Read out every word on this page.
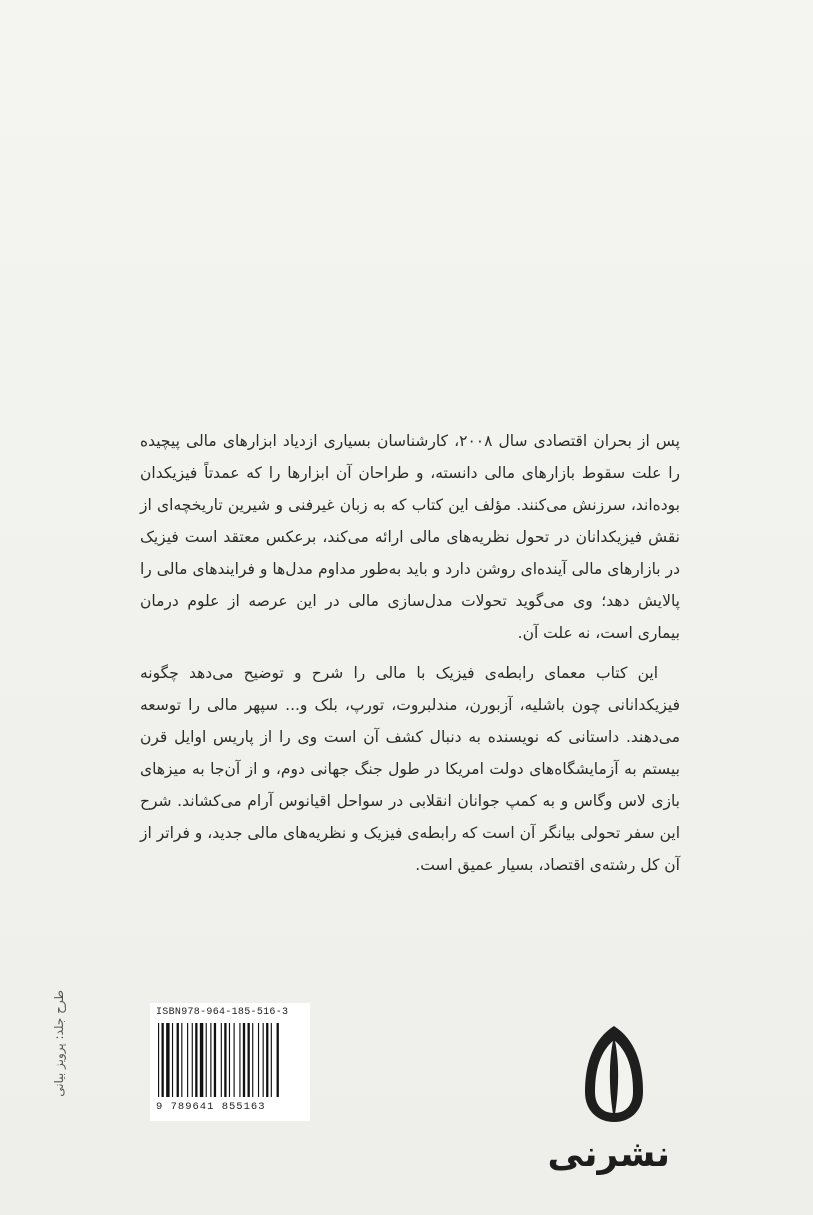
پس از بحران اقتصادی سال ۲۰۰۸، کارشناسان بسیاری ازدیاد ابزارهای مالی پیچیده را علت سقوط بازارهای مالی دانسته، و طراحان آن ابزارها را که عمدتاً فیزیکدان بوده‌اند، سرزنش می‌کنند. مؤلف این کتاب که به زبان غیرفنی و شیرین تاریخچه‌ای از نقش فیزیکدانان در تحول نظریه‌های مالی ارائه می‌کند، برعکس معتقد است فیزیک در بازارهای مالی آینده‌ای روشن دارد و باید به‌طور مداوم مدل‌ها و فرایندهای مالی را پالایش دهد؛ وی می‌گوید تحولات مدل‌سازی مالی در این عرصه از علوم درمان بیماری است، نه علت آن.

این کتاب معمای رابطه‌ی فیزیک با مالی را شرح و توضیح می‌دهد چگونه فیزیکدانانی چون باشلیه، آزبورن، مندلبروت، تورپ، بلک و... سپهر مالی را توسعه می‌دهند. داستانی که نویسنده به دنبال کشف آن است وی را از پاریس اوایل قرن بیستم به آزمایشگاه‌های دولت امریکا در طول جنگ جهانی دوم، و از آن‌جا به میزهای بازی لاس وگاس و به کمپ جوانان انقلابی در سواحل اقیانوس آرام می‌کشاند. شرح این سفر تحولی بیانگر آن است که رابطه‌ی فیزیک و نظریه‌های مالی جدید، و فراتر از آن کل رشته‌ی اقتصاد، بسیار عمیق است.

ISBN978-964-185-516-3
9 789641 855163
نشرنی
طرح جلد: پرویز بیانی
